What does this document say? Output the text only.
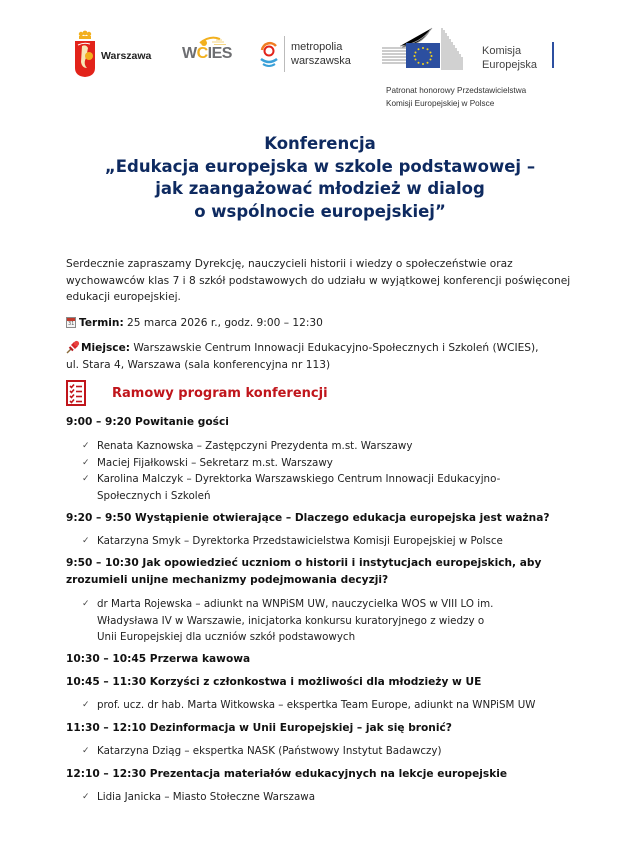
Warszawa WCIES	metropolia
warszawska
Komisja
Europejska
Patronat honorowy Przedstawicielstwa
Komisji Europejskiej w Polsce
Konferencja
„Edukacja europejska w szkole podstawowej –
jak zaangażować młodzież w dialog
o wspólnocie europejskiej”
Serdecznie zapraszamy Dyrekcję, nauczycieli historii i wiedzy o społeczeństwie oraz wychowawców klas 7 i 8 szkół podstawowych do udziału w wyjątkowej konferencji poświęconej edukacji europejskiej.
31 Termin: 25 marca 2026 r., godz. 9:00 – 12:30
Miejsce: Warszawskie Centrum Innowacji Edukacyjno-Społecznych i Szkoleń (WCIES),
ul. Stara 4, Warszawa (sala konferencyjna nr 113)
Ramowy program konferencji
9:00 – 9:20 Powitanie gości
✓ Renata Kaznowska – Zastępczyni Prezydenta m.st. Warszawy
✓ Maciej Fijałkowski – Sekretarz m.st. Warszawy
✓ Karolina Malczyk – Dyrektorka Warszawskiego Centrum Innowacji Edukacyjno-Społecznych i Szkoleń
9:20 – 9:50 Wystąpienie otwierające – Dlaczego edukacja europejska jest ważna?
✓ Katarzyna Smyk – Dyrektorka Przedstawicielstwa Komisji Europejskiej w Polsce
9:50 – 10:30 Jak opowiedzieć uczniom o historii i instytucjach europejskich, aby zrozumieli unijne mechanizmy podejmowania decyzji?
✓ dr Marta Rojewska – adiunkt na WNPiSM UW, nauczycielka WOS w VIII LO im. Władysława IV w Warszawie, inicjatorka konkursu kuratoryjnego z wiedzy o Unii Europejskiej dla uczniów szkół podstawowych
10:30 – 10:45 Przerwa kawowa
10:45 – 11:30 Korzyści z członkostwa i możliwości dla młodzieży w UE
✓ prof. ucz. dr hab. Marta Witkowska – ekspertka Team Europe, adiunkt na WNPiSM UW
11:30 – 12:10 Dezinformacja w Unii Europejskiej – jak się bronić?
✓ Katarzyna Dziąg – ekspertka NASK (Państwowy Instytut Badawczy)
12:10 – 12:30 Prezentacja materiałów edukacyjnych na lekcje europejskie
✓ Lidia Janicka – Miasto Stołeczne Warszawa
